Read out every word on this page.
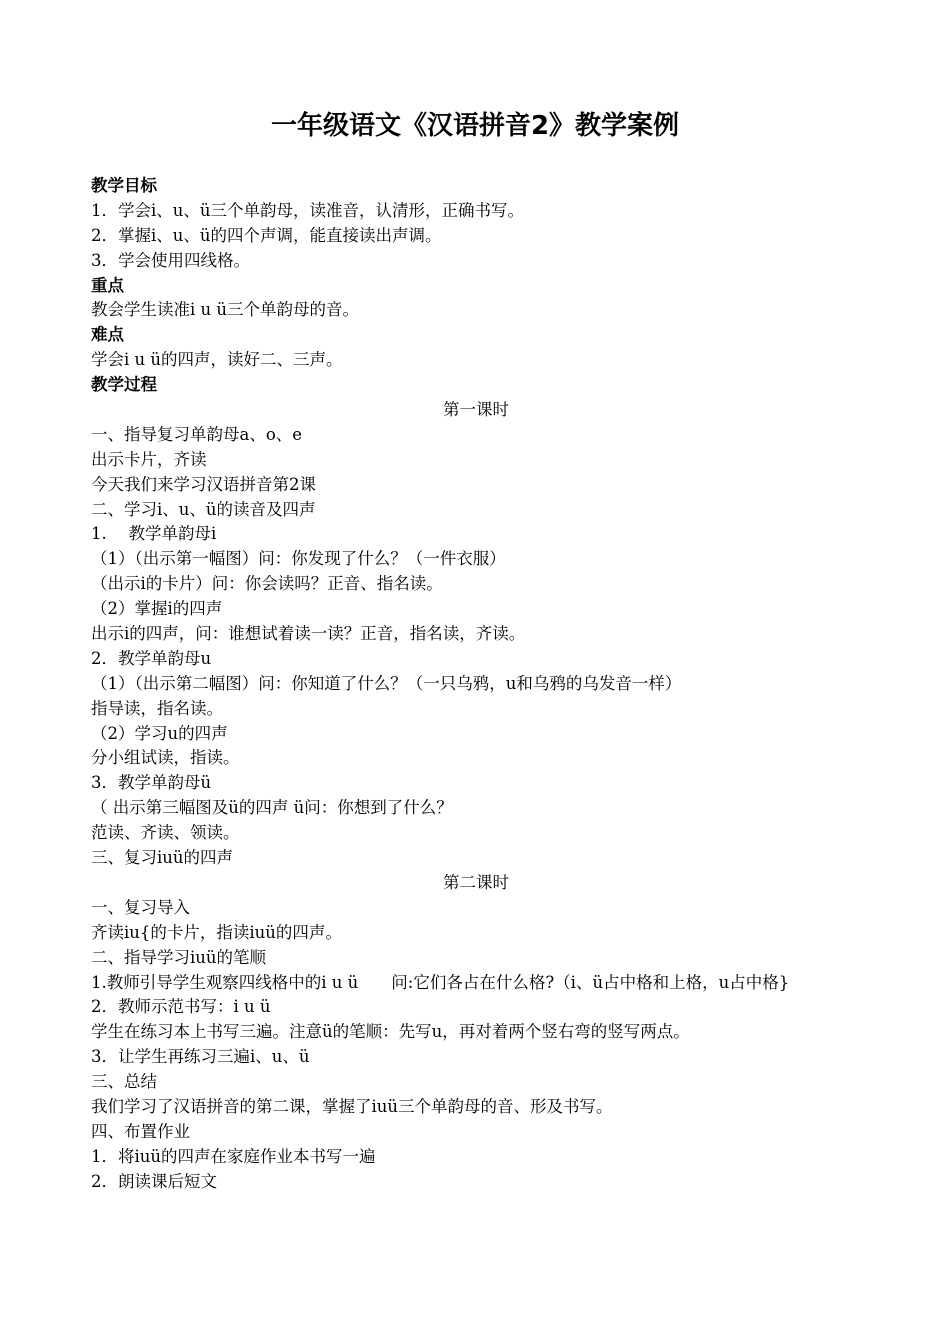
一年级语文《汉语拼音2》教学案例

教学目标

1．学会i、u、ü三个单韵母，读准音，认清形，正确书写。

2．掌握i、u、ü的四个声调，能直接读出声调。

3．学会使用四线格。

重点

教会学生读准i u ü三个单韵母的音。

难点

学会i u ü的四声，读好二、三声。

教学过程

第一课时

一、指导复习单韵母a、o、e

出示卡片，齐读

今天我们来学习汉语拼音第2课

二、学习i、u、ü的读音及四声

1.　 教学单韵母i

（1）（出示第一幅图）问：你发现了什么？（一件衣服）

（出示i的卡片）问：你会读吗？正音、指名读。

（2）掌握i的四声

出示i的四声，问：谁想试着读一读？正音，指名读，齐读。

2．教学单韵母u

（1）（出示第二幅图）问：你知道了什么？（一只乌鸦，u和乌鸦的乌发音一样）

指导读，指名读。

（2）学习u的四声

分小组试读，指读。

3．教学单韵母ü

（ 出示第三幅图及ü的四声 ü问：你想到了什么？

范读、齐读、领读。

三、复习iuü的四声

第二课时

一、复习导入

齐读iu{的卡片，指读iuü的四声。

二、指导学习iuü的笔顺

1.教师引导学生观察四线格中的i u ü　　问:它们各占在什么格?（i、ü占中格和上格，u占中格}

2．教师示范书写：i u ü

学生在练习本上书写三遍。注意ü的笔顺：先写u，再对着两个竖右弯的竖写两点。

3．让学生再练习三遍i、u、ü

三、总结

我们学习了汉语拼音的第二课，掌握了iuü三个单韵母的音、形及书写。

四、布置作业

1．将iuü的四声在家庭作业本书写一遍

2．朗读课后短文
